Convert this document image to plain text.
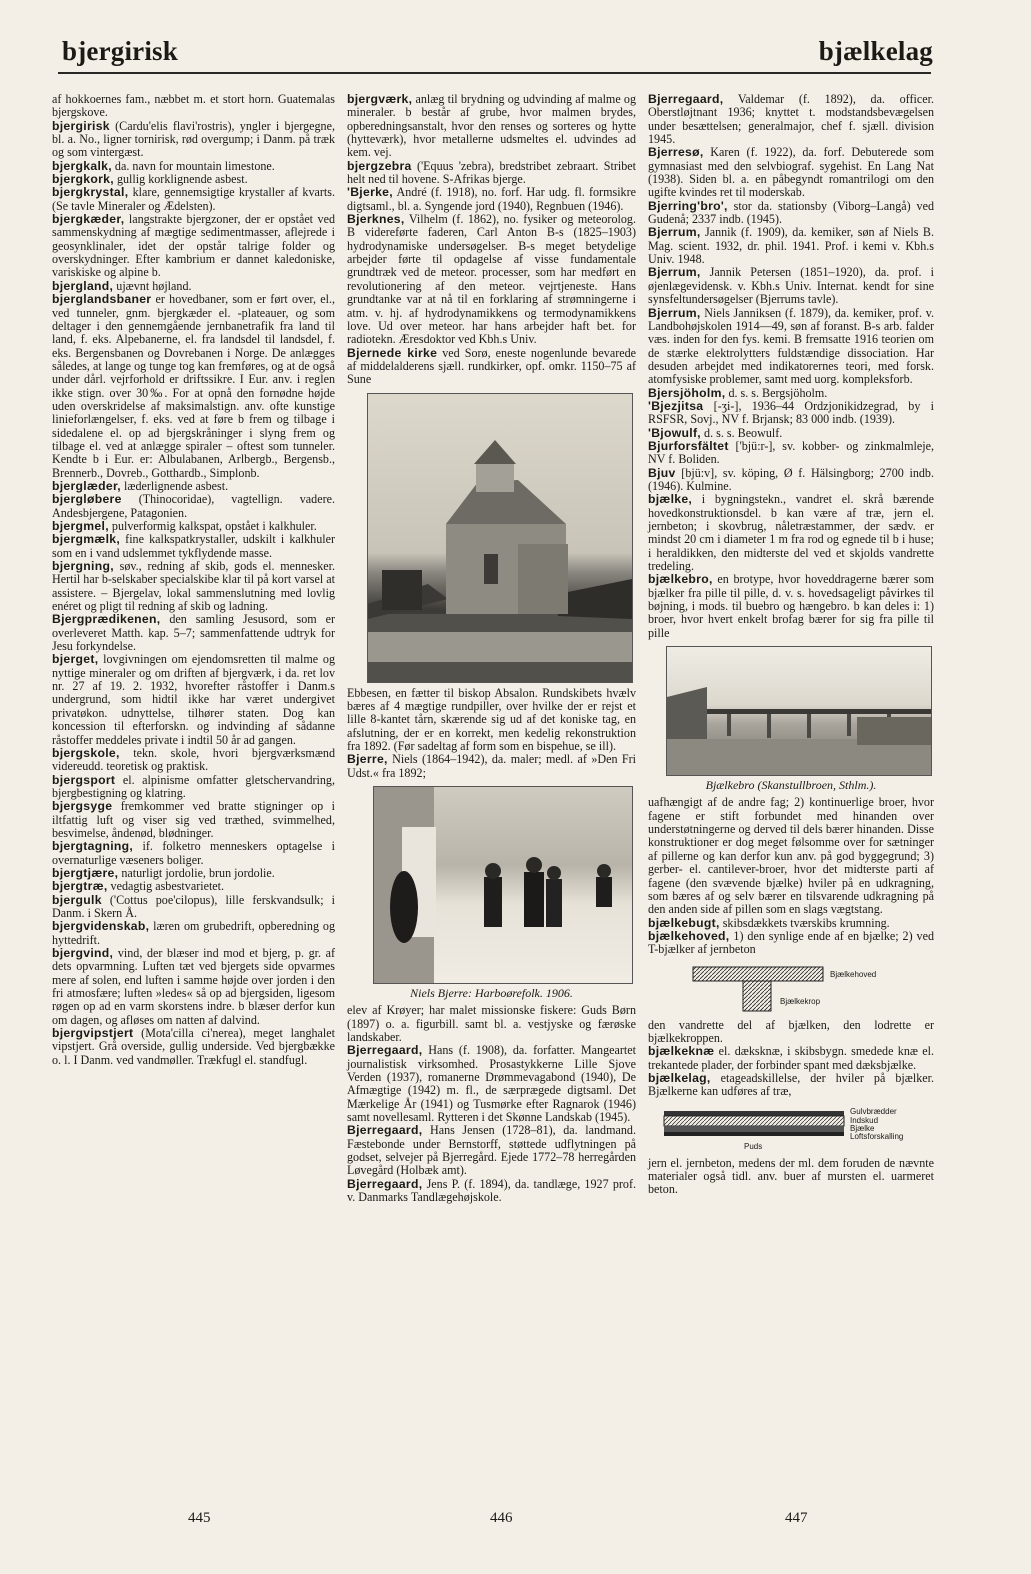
bjergirisk	bjælkelag

af hokkoernes fam., næbbet m. et stort horn. Guatemalas bjergskove.

bjergirisk (Cardu'elis flavi'rostris), yngler i bjergegne, bl. a. No., ligner tornirisk, rød overgump; i Danm. på træk og som vintergæst.

bjergkalk, da. navn for mountain limestone.

bjergkork, gullig korklignende asbest.

bjergkrystal, klare, gennemsigtige krystaller af kvarts. (Se tavle Mineraler og Ædelsten).

bjergkæder, langstrakte bjergzoner, der er opstået ved sammenskydning af mægtige sedimentmasser, aflejrede i geosynklinaler, idet der opstår talrige folder og overskydninger. Efter kambrium er dannet kaledoniske, variskiske og alpine b.

bjergland, ujævnt højland.

bjerglandsbaner er hovedbaner, som er ført over, el., ved tunneler, gnm. bjergkæder el. -plateauer, og som deltager i den gennemgående jernbanetrafik fra land til land, f. eks. Alpebanerne, el. fra landsdel til landsdel, f. eks. Bergensbanen og Dovrebanen i Norge. De anlægges således, at lange og tunge tog kan fremføres, og at de også under dårl. vejrforhold er driftssikre. I Eur. anv. i reglen ikke stign. over 30‰. For at opnå den fornødne højde uden overskridelse af maksimalstign. anv. ofte kunstige linieforlængelser, f. eks. ved at føre b frem og tilbage i sidedalene el. op ad bjergskråninger i slyng frem og tilbage el. ved at anlægge spiraler – oftest som tunneler. Kendte b i Eur. er: Albulabanen, Arlbergb., Bergensb., Brennerb., Dovreb., Gotthardb., Simplonb.

bjerglæder, læderlignende asbest.

bjergløbere (Thinocoridae), vagtellign. vadere. Andesbjergene, Patagonien.

bjergmel, pulverformig kalkspat, opstået i kalkhuler.

bjergmælk, fine kalkspatkrystaller, udskilt i kalkhuler som en i vand udslemmet tykflydende masse.

bjergning, søv., redning af skib, gods el. mennesker. Hertil har b-selskaber specialskibe klar til på kort varsel at assistere. – Bjergelav, lokal sammenslutning med lovlig enéret og pligt til redning af skib og ladning.

Bjergprædikenen, den samling Jesusord, som er overleveret Matth. kap. 5–7; sammenfattende udtryk for Jesu forkyndelse.

bjerget, lovgivningen om ejendomsretten til malme og nyttige mineraler og om driften af bjergværk, i da. ret lov nr. 27 af 19. 2. 1932, hvorefter råstoffer i Danm.s undergrund, som hidtil ikke har været undergivet privatøkon. udnyttelse, tilhører staten. Dog kan koncession til efterforskn. og indvinding af sådanne råstoffer meddeles private i indtil 50 år ad gangen.

bjergskole, tekn. skole, hvori bjergværksmænd videreudd. teoretisk og praktisk.

bjergsport el. alpinisme omfatter gletschervandring, bjergbestigning og klatring.

bjergsyge fremkommer ved bratte stigninger op i iltfattig luft og viser sig ved træthed, svimmelhed, besvimelse, åndenød, blødninger.

bjergtagning, if. folketro menneskers optagelse i overnaturlige væseners boliger.

bjergtjære, naturligt jordolie, brun jordolie.

bjergtræ, vedagtig asbestvarietet.

bjergulk ('Cottus poe'cilopus), lille ferskvandsulk; i Danm. i Skern Å.

bjergvidenskab, læren om grubedrift, opberedning og hyttedrift.

bjergvind, vind, der blæser ind mod et bjerg, p. gr. af dets opvarmning. Luften tæt ved bjergets side opvarmes mere af solen, end luften i samme højde over jorden i den fri atmosfære; luften »ledes« så op ad bjergsiden, ligesom røgen op ad en varm skorstens indre. b blæser derfor kun om dagen, og afløses om natten af dalvind.

bjergvipstjert (Mota'cilla ci'nerea), meget langhalet vipstjert. Grå overside, gullig underside. Ved bjergbække o. l. I Danm. ved vandmøller. Trækfugl el. standfugl.

bjergværk, anlæg til brydning og udvinding af malme og mineraler. b består af grube, hvor malmen brydes, opberedningsanstalt, hvor den renses og sorteres og hytte (hytteværk), hvor metallerne udsmeltes el. udvindes ad kem. vej.

bjergzebra ('Equus 'zebra), bredstribet zebraart. Stribet helt ned til hovene. S-Afrikas bjerge.

'Bjerke, André (f. 1918), no. forf. Har udg. fl. formsikre digtsaml., bl. a. Syngende jord (1940), Regnbuen (1946).

Bjerknes, Vilhelm (f. 1862), no. fysiker og meteorolog. B videreførte faderen, Carl Anton B-s (1825–1903) hydrodynamiske undersøgelser. B-s meget betydelige arbejder førte til opdagelse af visse fundamentale grundtræk ved de meteor. processer, som har medført en revolutionering af den meteor. vejrtjeneste. Hans grundtanke var at nå til en forklaring af strømningerne i atm. v. hj. af hydrodynamikkens og termodynamikkens love. Ud over meteor. har hans arbejder haft bet. for radiotekn. Æresdoktor ved Kbh.s Univ.

Bjernede kirke ved Sorø, eneste nogenlunde bevarede af middelalderens sjæll. rundkirker, opf. omkr. 1150–75 af Sune

Ebbesen, en fætter til biskop Absalon. Rundskibets hvælv bæres af 4 mægtige rundpiller, over hvilke der er rejst et lille 8-kantet tårn, skærende sig ud af det koniske tag, en afslutning, der er en korrekt, men kedelig rekonstruktion fra 1892. (Før sadeltag af form som en bispehue, se ill).

Bjerre, Niels (1864–1942), da. maler; medl. af »Den Fri Udst.« fra 1892;

Niels Bjerre: Harboørefolk. 1906.

elev af Krøyer; har malet missionske fiskere: Guds Børn (1897) o. a. figurbill. samt bl. a. vestjyske og færøske landskaber.

Bjerregaard, Hans (f. 1908), da. forfatter. Mangeartet journalistisk virksomhed. Prosastykkerne Lille Sjove Verden (1937), romanerne Drømmevagabond (1940), De Afmægtige (1942) m. fl., de særprægede digtsaml. Det Mærkelige År (1941) og Tusmørke efter Ragnarok (1946) samt novellesaml. Rytteren i det Skønne Landskab (1945).

Bjerregaard, Hans Jensen (1728–81), da. landmand. Fæstebonde under Bernstorff, støttede udflytningen på godset, selvejer på Bjerregård. Ejede 1772–78 herregården Løvegård (Holbæk amt).

Bjerregaard, Jens P. (f. 1894), da. tandlæge, 1927 prof. v. Danmarks Tandlægehøjskole.

Bjerregaard, Valdemar (f. 1892), da. officer. Oberstløjtnant 1936; knyttet t. modstandsbevægelsen under besættelsen; generalmajor, chef f. sjæll. division 1945.

Bjerresø, Karen (f. 1922), da. forf. Debuterede som gymnasiast med den selvbiograf. sygehist. En Lang Nat (1938). Siden bl. a. en påbegyndt romantrilogi om den ugifte kvindes ret til moderskab.

Bjerring'bro', stor da. stationsby (Viborg–Langå) ved Gudenå; 2337 indb. (1945).

Bjerrum, Jannik (f. 1909), da. kemiker, søn af Niels B. Mag. scient. 1932, dr. phil. 1941. Prof. i kemi v. Kbh.s Univ. 1948.

Bjerrum, Jannik Petersen (1851–1920), da. prof. i øjenlægevidensk. v. Kbh.s Univ. Internat. kendt for sine synsfeltundersøgelser (Bjerrums tavle).

Bjerrum, Niels Janniksen (f. 1879), da. kemiker, prof. v. Landbohøjskolen 1914—49, søn af foranst. B-s arb. falder væs. inden for den fys. kemi. B fremsatte 1916 teorien om de stærke elektrolytters fuldstændige dissociation. Har desuden arbejdet med indikatorernes teori, med forsk. atomfysiske problemer, samt med uorg. kompleksforb.

Bjersjöholm, d. s. s. Bergsjöholm.

'Bjezjitsa [-ʒi-], 1936–44 Ordzjonikidzegrad, by i RSFSR, Sovj., NV f. Brjansk; 83 000 indb. (1939).

'Bjowulf, d. s. s. Beowulf.

Bjurforsfältet ['bjü:r-], sv. kobber- og zinkmalmleje, NV f. Boliden.

Bjuv [bjü:v], sv. köping, Ø f. Hälsingborg; 2700 indb. (1946). Kulmine.

bjælke, i bygningstekn., vandret el. skrå bærende hovedkonstruktionsdel. b kan være af træ, jern el. jernbeton; i skovbrug, nåletræstammer, der sædv. er mindst 20 cm i diameter 1 m fra rod og egnede til b i huse; i heraldikken, den midterste del ved et skjolds vandrette tredeling.

bjælkebro, en brotype, hvor hoveddragerne bærer som bjælker fra pille til pille, d. v. s. hovedsageligt påvirkes til bøjning, i mods. til buebro og hængebro. b kan deles i: 1) broer, hvor hvert enkelt brofag bærer for sig fra pille til pille

Bjælkebro (Skanstullbroen, Sthlm.).

uafhængigt af de andre fag; 2) kontinuerlige broer, hvor fagene er stift forbundet med hinanden over understøtningerne og derved til dels bærer hinanden. Disse konstruktioner er dog meget følsomme over for sætninger af pillerne og kan derfor kun anv. på god byggegrund; 3) gerber- el. cantilever-broer, hvor det midterste parti af fagene (den svævende bjælke) hviler på en udkragning, som bæres af og selv bærer en tilsvarende udkragning på den anden side af pillen som en slags vægtstang.

bjælkebugt, skibsdækkets tværskibs krumning.

bjælkehoved, 1) den synlige ende af en bjælke; 2) ved T-bjælker af jernbeton

Bjælkehoved
Bjælkekrop

den vandrette del af bjælken, den lodrette er bjælkekroppen.

bjælkeknæ el. dæksknæ, i skibsbygn. smedede knæ el. trekantede plader, der forbinder spant med dæksbjælke.

bjælkelag, etageadskillelse, der hviler på bjælker. Bjælkerne kan udføres af træ,

Gulvbrædder
Indskud
Bjælke
Loftsforskalling
Puds

jern el. jernbeton, medens der ml. dem foruden de nævnte materialer også tidl. anv. buer af mursten el. uarmeret beton.

445	446	447
